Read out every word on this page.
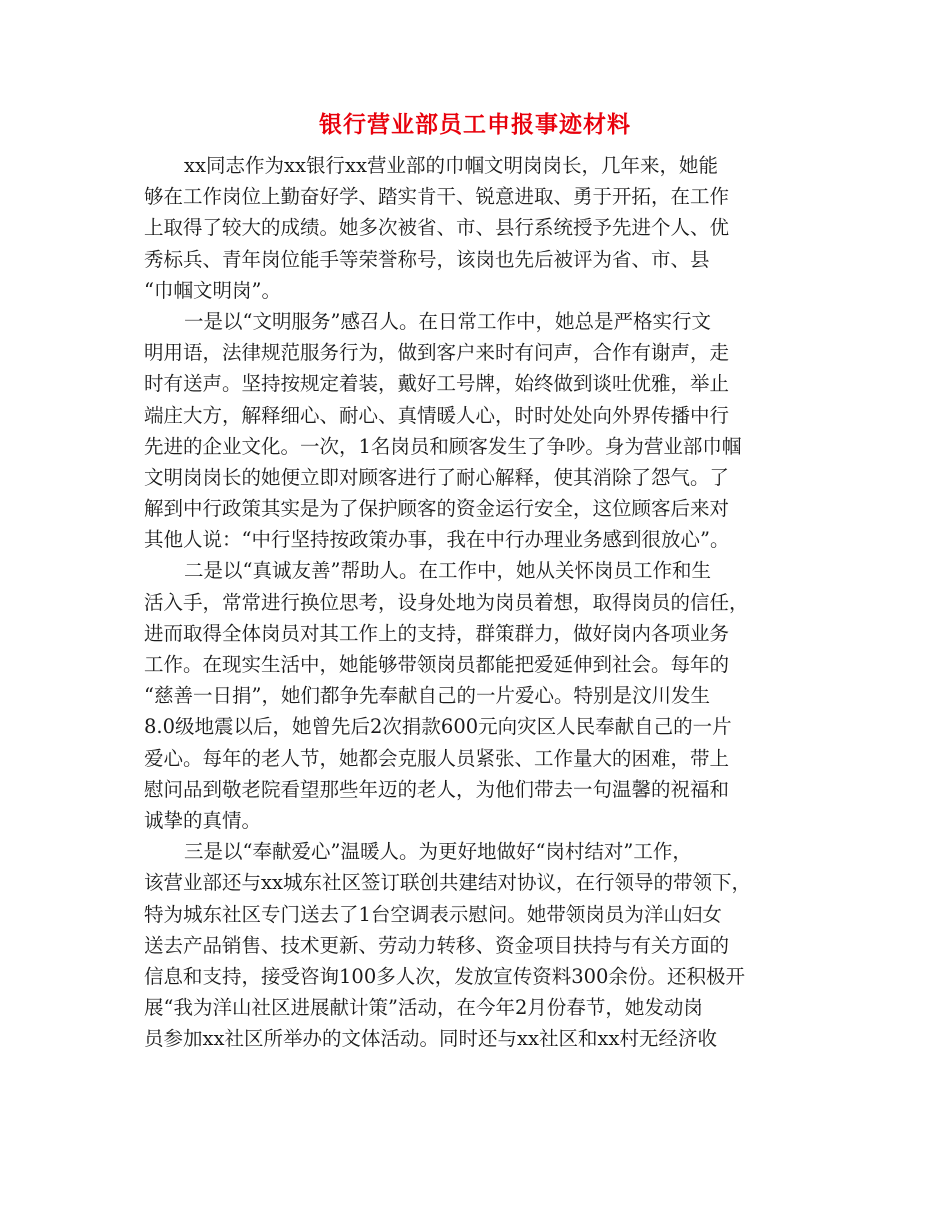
银行营业部员工申报事迹材料
xx同志作为xx银行xx营业部的巾帼文明岗岗长，几年来，她能
够在工作岗位上勤奋好学、踏实肯干、锐意进取、勇于开拓，在工作
上取得了较大的成绩。她多次被省、市、县行系统授予先进个人、优
秀标兵、青年岗位能手等荣誉称号，该岗也先后被评为省、市、县
“巾帼文明岗”。
一是以“文明服务”感召人。在日常工作中，她总是严格实行文
明用语，法律规范服务行为，做到客户来时有问声，合作有谢声，走
时有送声。坚持按规定着装，戴好工号牌，始终做到谈吐优雅，举止
端庄大方，解释细心、耐心、真情暖人心，时时处处向外界传播中行
先进的企业文化。一次，1名岗员和顾客发生了争吵。身为营业部巾帼
文明岗岗长的她便立即对顾客进行了耐心解释，使其消除了怨气。了
解到中行政策其实是为了保护顾客的资金运行安全，这位顾客后来对
其他人说：“中行坚持按政策办事，我在中行办理业务感到很放心”。
二是以“真诚友善”帮助人。在工作中，她从关怀岗员工作和生
活入手，常常进行换位思考，设身处地为岗员着想，取得岗员的信任，
进而取得全体岗员对其工作上的支持，群策群力，做好岗内各项业务
工作。在现实生活中，她能够带领岗员都能把爱延伸到社会。每年的
“慈善一日捐”，她们都争先奉献自己的一片爱心。特别是汶川发生
8.0级地震以后，她曾先后2次捐款600元向灾区人民奉献自己的一片
爱心。每年的老人节，她都会克服人员紧张、工作量大的困难，带上
慰问品到敬老院看望那些年迈的老人，为他们带去一句温馨的祝福和
诚挚的真情。
三是以“奉献爱心”温暖人。为更好地做好“岗村结对”工作，
该营业部还与xx城东社区签订联创共建结对协议，在行领导的带领下，
特为城东社区专门送去了1台空调表示慰问。她带领岗员为洋山妇女
送去产品销售、技术更新、劳动力转移、资金项目扶持与有关方面的
信息和支持，接受咨询100多人次，发放宣传资料300余份。还积极开
展“我为洋山社区进展献计策”活动，在今年2月份春节，她发动岗
员参加xx社区所举办的文体活动。同时还与xx社区和xx村无经济收
